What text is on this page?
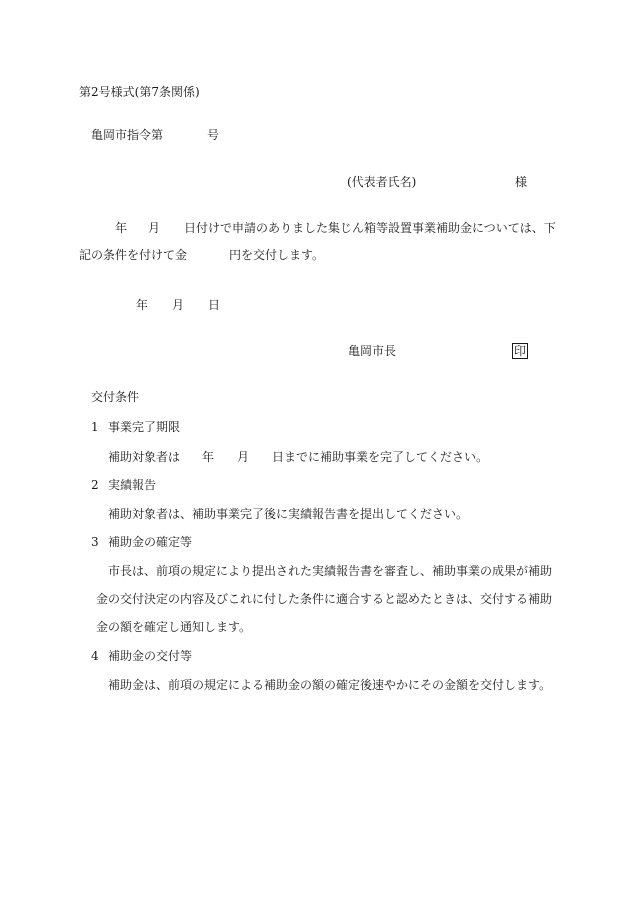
第2号様式(第7条関係)
亀岡市指令第	号
(代表者氏名)	様
年 月 日付けで申請のありました集じん箱等設置事業補助金については、下
記の条件を付けて金	円を交付します。
年 月 日
亀岡市長	印
交付条件
1 事業完了期限
補助対象者は 年 月 日までに補助事業を完了してください。
2 実績報告
補助対象者は、補助事業完了後に実績報告書を提出してください。
3 補助金の確定等
市長は、前項の規定により提出された実績報告書を審査し、補助事業の成果が補助
金の交付決定の内容及びこれに付した条件に適合すると認めたときは、交付する補助
金の額を確定し通知します。
4 補助金の交付等
補助金は、前項の規定による補助金の額の確定後速やかにその金額を交付します。
